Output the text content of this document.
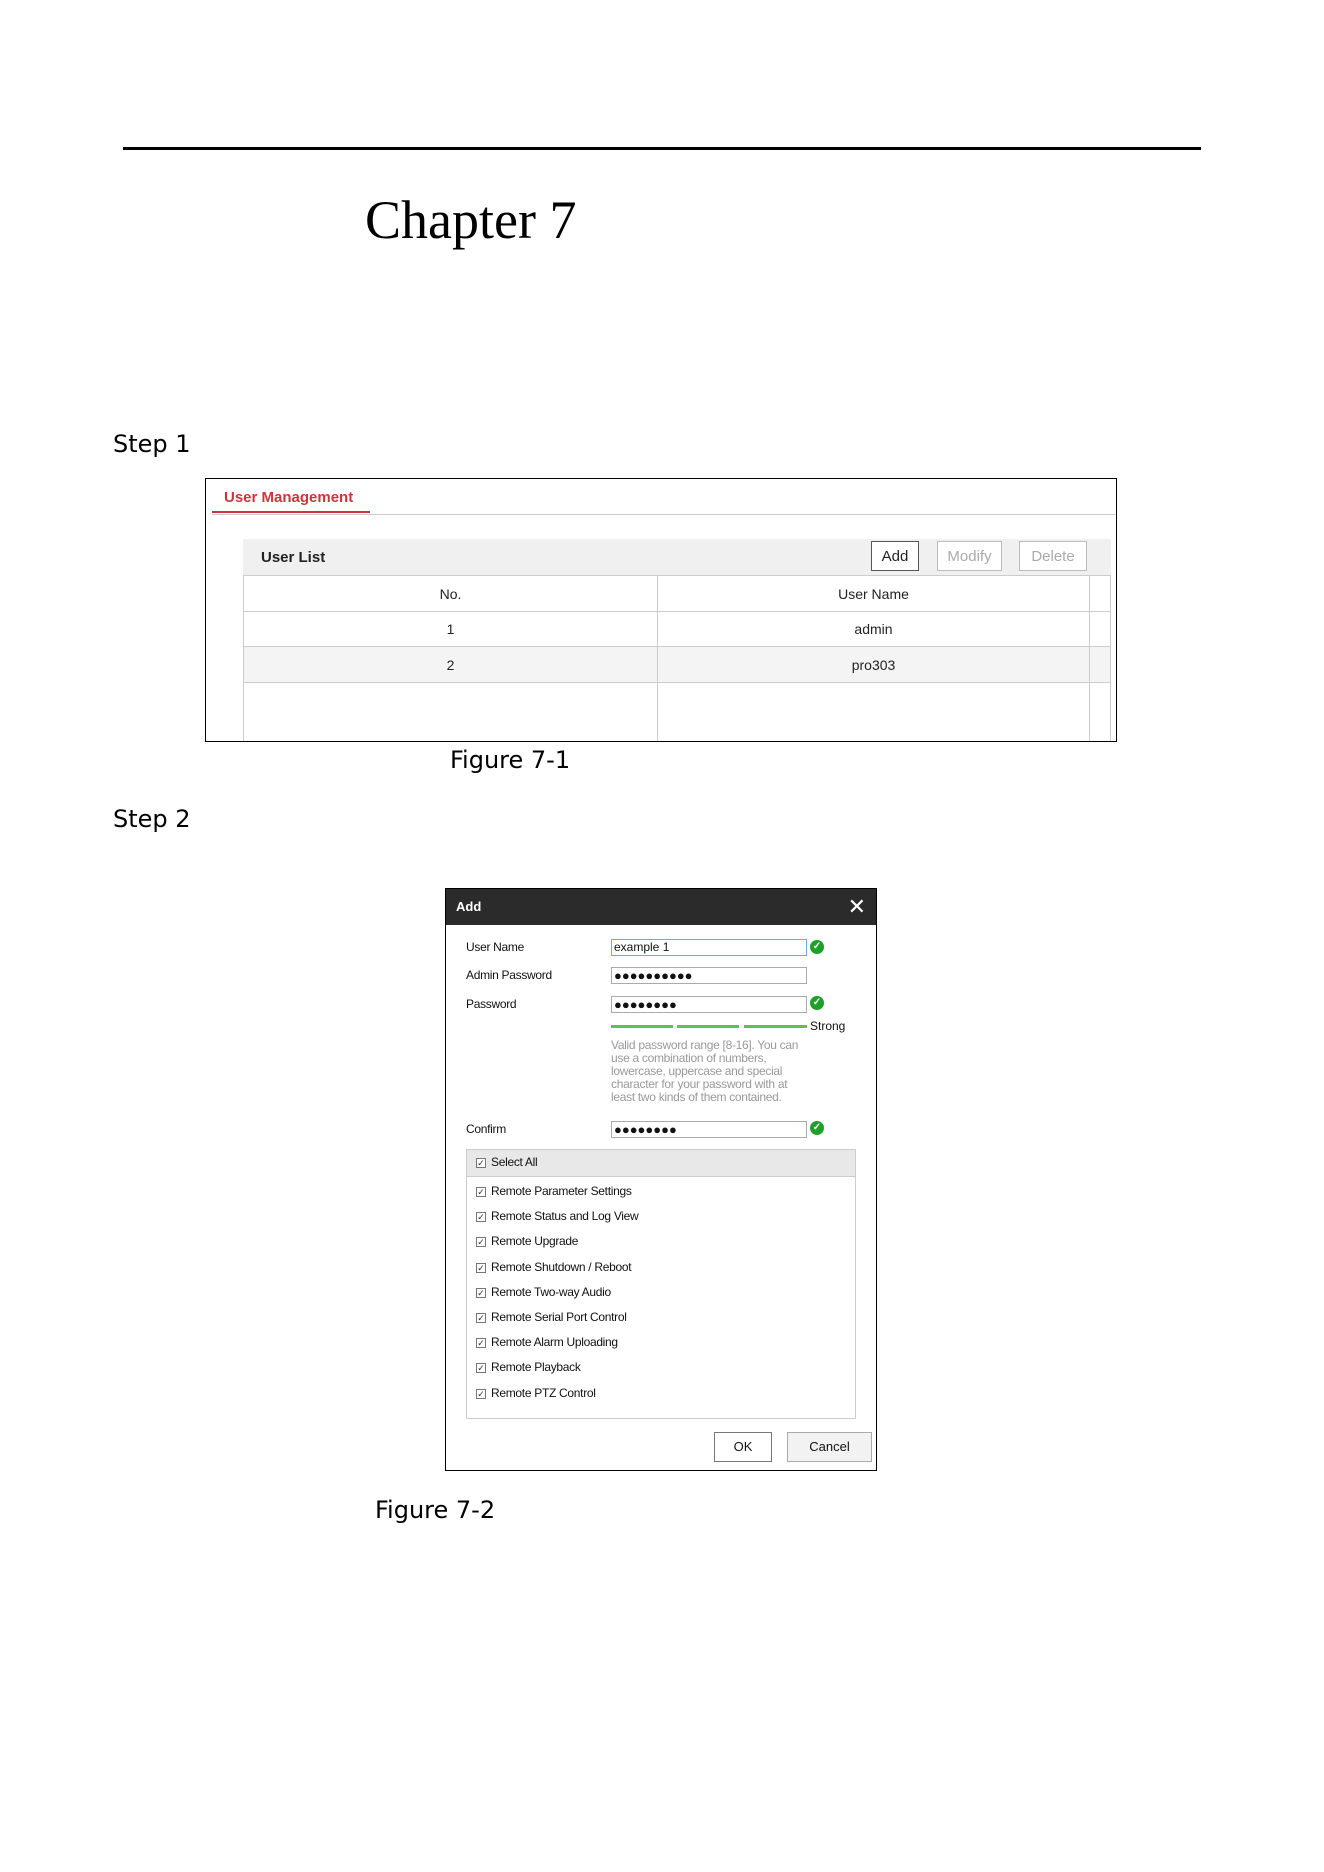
Chapter 7
Step 1
User Management
User List	Add	Modify	Delete
No.	User Name
1	admin
2	pro303
Figure 7-1
Step 2
Add	✕
User Name	example 1	✓
Admin Password	●●●●●●●●●●
Password	●●●●●●●●	✓
Strong
Valid password range [8-16]. You can use a combination of numbers, lowercase, uppercase and special character for your password with at least two kinds of them contained.
Confirm	●●●●●●●●	✓
✓ Select All
✓ Remote Parameter Settings
✓ Remote Status and Log View
✓ Remote Upgrade
✓ Remote Shutdown / Reboot
✓ Remote Two-way Audio
✓ Remote Serial Port Control
✓ Remote Alarm Uploading
✓ Remote Playback
✓ Remote PTZ Control
OK	Cancel
Figure 7-2
